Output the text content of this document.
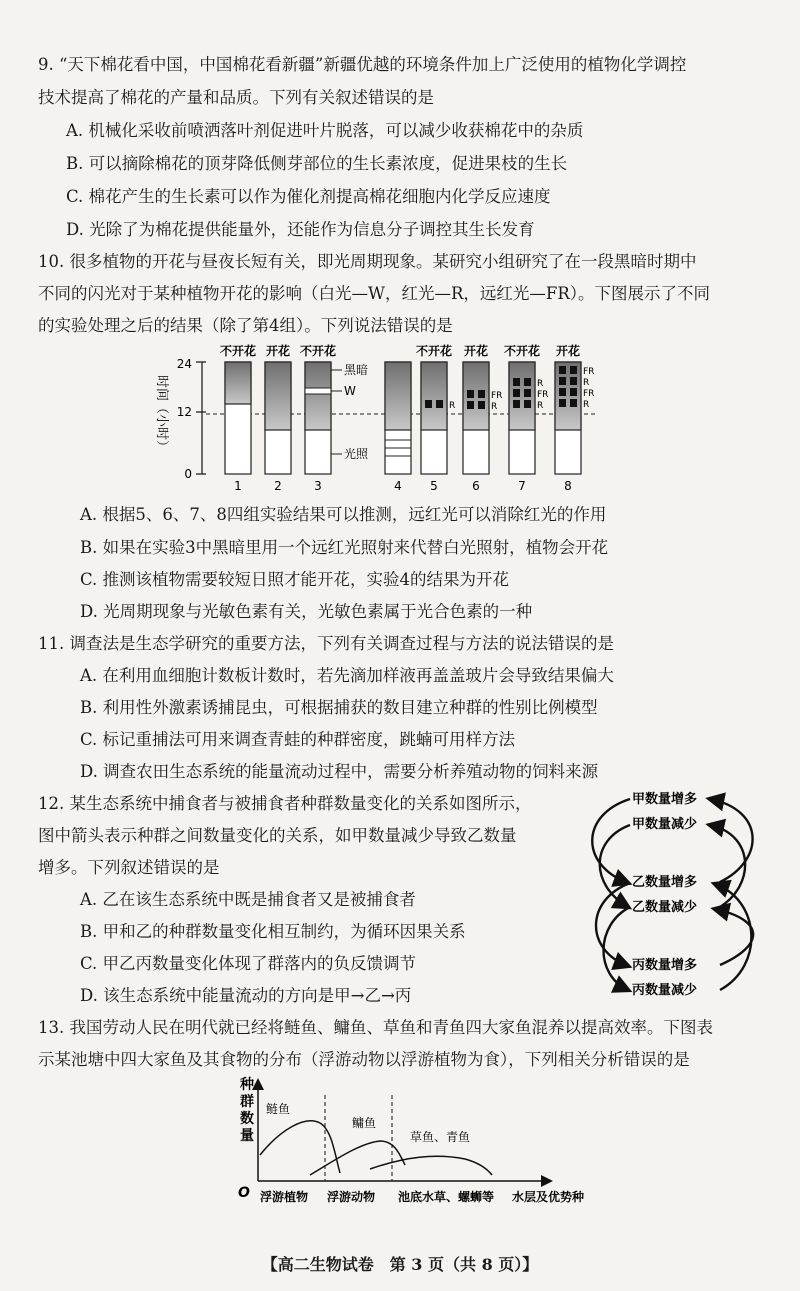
9. “天下棉花看中国，中国棉花看新疆”新疆优越的环境条件加上广泛使用的植物化学调控
技术提高了棉花的产量和品质。下列有关叙述错误的是
A. 机械化采收前喷洒落叶剂促进叶片脱落，可以减少收获棉花中的杂质
B. 可以摘除棉花的顶芽降低侧芽部位的生长素浓度，促进果枝的生长
C. 棉花产生的生长素可以作为催化剂提高棉花细胞内化学反应速度
D. 光除了为棉花提供能量外，还能作为信息分子调控其生长发育
10. 很多植物的开花与昼夜长短有关，即光周期现象。某研究小组研究了在一段黑暗时期中
不同的闪光对于某种植物开花的影响（白光—W，红光—R，远红光—FR）。下图展示了不同
的实验处理之后的结果（除了第4组）。下列说法错误的是
时间（小时）
24
12
0
R
FR
R
R
FR
R
FR
R
FR
R
黑暗
W
光照
不开花 开花 不开花	不开花 开花 不开花 开花
1	2	3	4 5	6	7	8
A. 根据5、6、7、8四组实验结果可以推测，远红光可以消除红光的作用
B. 如果在实验3中黑暗里用一个远红光照射来代替白光照射，植物会开花
C. 推测该植物需要较短日照才能开花，实验4的结果为开花
D. 光周期现象与光敏色素有关，光敏色素属于光合色素的一种
11. 调查法是生态学研究的重要方法，下列有关调查过程与方法的说法错误的是
A. 在利用血细胞计数板计数时，若先滴加样液再盖盖玻片会导致结果偏大
B. 利用性外激素诱捕昆虫，可根据捕获的数目建立种群的性别比例模型
C. 标记重捕法可用来调查青蛙的种群密度，跳蝻可用样方法
D. 调查农田生态系统的能量流动过程中，需要分析养殖动物的饲料来源
12. 某生态系统中捕食者与被捕食者种群数量变化的关系如图所示，
图中箭头表示种群之间数量变化的关系，如甲数量减少导致乙数量
增多。下列叙述错误的是
A. 乙在该生态系统中既是捕食者又是被捕食者
B. 甲和乙的种群数量变化相互制约，为循环因果关系
C. 甲乙丙数量变化体现了群落内的负反馈调节
D. 该生态系统中能量流动的方向是甲→乙→丙
甲数量增多
甲数量减少
乙数量增多
乙数量减少
丙数量增多
丙数量减少
13. 我国劳动人民在明代就已经将鲢鱼、鳙鱼、草鱼和青鱼四大家鱼混养以提高效率。下图表
示某池塘中四大家鱼及其食物的分布（浮游动物以浮游植物为食），下列相关分析错误的是
种
群
数
量
O
鲢鱼
鳙鱼
草鱼、青鱼
浮游植物 浮游动物 池底水草、螺蛳等 水层及优势种
【高二生物试卷　第 3 页（共 8 页）】
